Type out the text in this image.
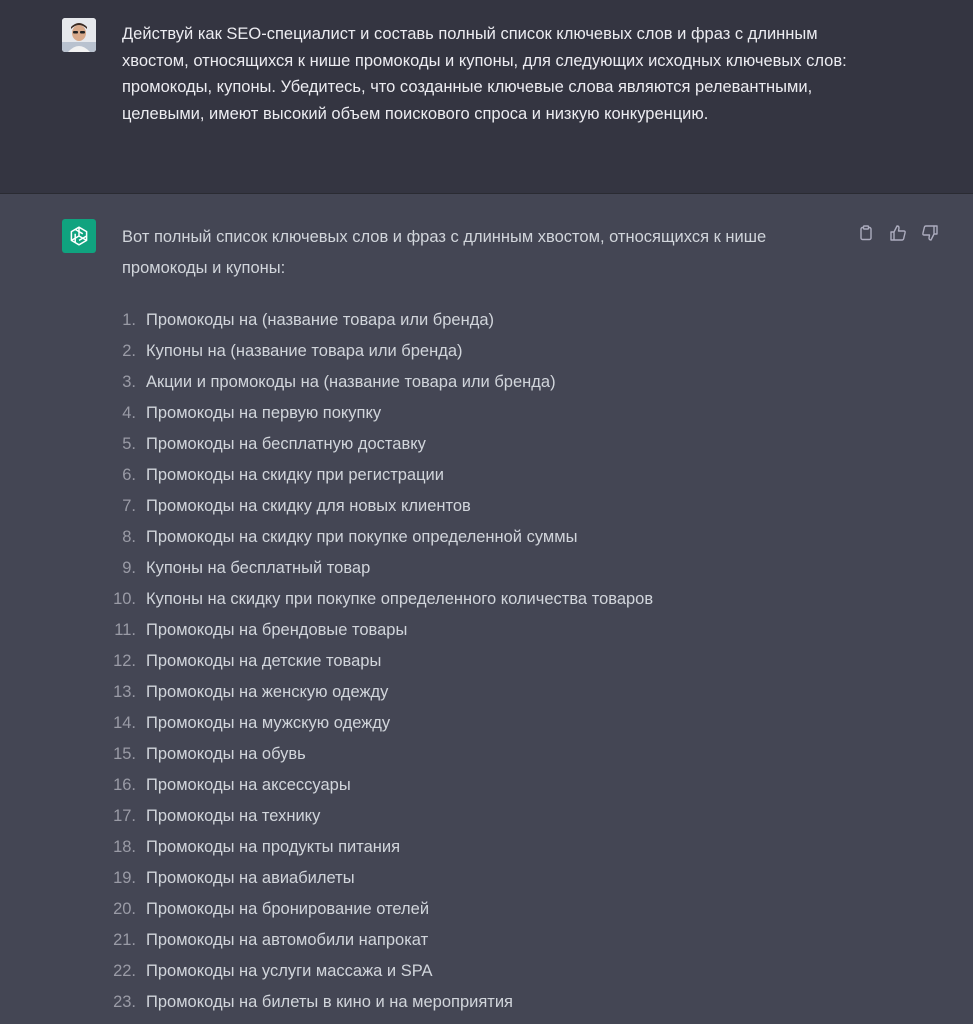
Действуй как SEO-специалист и составь полный список ключевых слов и фраз с длинным хвостом, относящихся к нише промокоды и купоны, для следующих исходных ключевых слов: промокоды, купоны. Убедитесь, что созданные ключевые слова являются релевантными, целевыми, имеют высокий объем поискового спроса и низкую конкуренцию.

Вот полный список ключевых слов и фраз с длинным хвостом, относящихся к нише промокоды и купоны:

1. Промокоды на (название товара или бренда)
2. Купоны на (название товара или бренда)
3. Акции и промокоды на (название товара или бренда)
4. Промокоды на первую покупку
5. Промокоды на бесплатную доставку
6. Промокоды на скидку при регистрации
7. Промокоды на скидку для новых клиентов
8. Промокоды на скидку при покупке определенной суммы
9. Купоны на бесплатный товар
10. Купоны на скидку при покупке определенного количества товаров
11. Промокоды на брендовые товары
12. Промокоды на детские товары
13. Промокоды на женскую одежду
14. Промокоды на мужскую одежду
15. Промокоды на обувь
16. Промокоды на аксессуары
17. Промокоды на технику
18. Промокоды на продукты питания
19. Промокоды на авиабилеты
20. Промокоды на бронирование отелей
21. Промокоды на автомобили напрокат
22. Промокоды на услуги массажа и SPA
23. Промокоды на билеты в кино и на мероприятия
